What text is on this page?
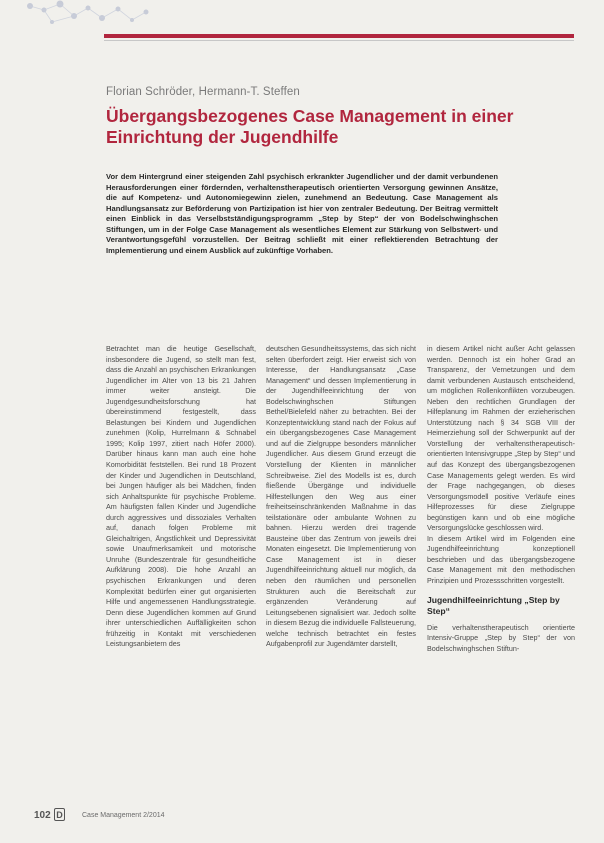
Florian Schröder, Hermann-T. Steffen
Übergangsbezogenes Case Management in einer Einrichtung der Jugendhilfe

Vor dem Hintergrund einer steigenden Zahl psychisch erkrankter Jugendlicher und der damit verbundenen Herausforderungen einer fördernden, verhaltenstherapeutisch orientierten Versorgung gewinnen Ansätze, die auf Kompetenz- und Autonomiegewinn zielen, zunehmend an Bedeutung. Case Management als Handlungsansatz zur Beförderung von Partizipation ist hier von zentraler Bedeutung. Der Beitrag vermittelt einen Einblick in das Verselbstständigungsprogramm „Step by Step“ der von Bodelschwinghschen Stiftungen, um in der Folge Case Management als wesentliches Element zur Stärkung von Selbstwert- und Verantwortungsgefühl vorzustellen. Der Beitrag schließt mit einer reflektierenden Betrachtung der Implementierung und einem Ausblick auf zukünftige Vorhaben.

Betrachtet man die heutige Gesellschaft, insbesondere die Jugend, so stellt man fest, dass die Anzahl an psychischen Erkrankungen Jugendlicher im Alter von 13 bis 21 Jahren immer weiter ansteigt. Die Jugendgesundheitsforschung hat übereinstimmend festgestellt, dass Belastungen bei Kindern und Jugendlichen zunehmen (Kolip, Hurrelmann & Schnabel 1995; Kolip 1997, zitiert nach Höfer 2000). Darüber hinaus kann man auch eine hohe Komorbidität feststellen. Bei rund 18 Prozent der Kinder und Jugendlichen in Deutschland, bei Jungen häufiger als bei Mädchen, finden sich Anhaltspunkte für psychische Probleme. Am häufigsten fallen Kinder und Jugendliche durch aggressives und dissoziales Verhalten auf, danach folgen Probleme mit Gleichaltrigen, Ängstlichkeit und Depressivität sowie Unaufmerksamkeit und motorische Unruhe (Bundeszentrale für gesundheitliche Aufklärung 2008). Die hohe Anzahl an psychischen Erkrankungen und deren Komplexität bedürfen einer gut organisierten Hilfe und angemessenen Handlungsstrategie. Denn diese Jugendlichen kommen auf Grund ihrer unterschiedlichen Auffälligkeiten schon frühzeitig in Kontakt mit verschiedenen Leistungsanbietern des

deutschen Gesundheitssystems, das sich nicht selten überfordert zeigt. Hier erweist sich von Interesse, der Handlungsansatz „Case Management“ und dessen Implementierung in der Jugendhilfeeinrichtung der von Bodelschwinghschen Stiftungen Bethel/Bielefeld näher zu betrachten. Bei der Konzeptentwicklung stand nach der Fokus auf ein übergangsbezogenes Case Management und auf die Zielgruppe besonders männlicher Jugendlicher. Aus diesem Grund erzeugt die Vorstellung der Klienten in männlicher Schreibweise. Ziel des Modells ist es, durch fließende Übergänge und individuelle Hilfestellungen den Weg aus einer freiheitseinschränkenden Maßnahme in das teilstationäre oder ambulante Wohnen zu bahnen. Hierzu werden drei tragende Bausteine über das Zentrum von jeweils drei Monaten eingesetzt. Die Implementierung von Case Management ist in dieser Jugendhilfeeinrichtung aktuell nur möglich, da neben den räumlichen und personellen Strukturen auch die Bereitschaft zur ergänzenden Veränderung auf Leitungsebenen signalisiert war. Jedoch sollte in diesem Bezug die individuelle Fallsteuerung, welche technisch betrachtet ein festes Aufgabenprofil zur Jugendämter darstellt,

in diesem Artikel nicht außer Acht gelassen werden. Dennoch ist ein hoher Grad an Transparenz, der Vernetzungen und dem damit verbundenen Austausch entscheidend, um möglichen Rollenkonflikten vorzubeugen. Neben den rechtlichen Grundlagen der Hilfeplanung im Rahmen der erzieherischen Unterstützung nach § 34 SGB VIII der Heimerziehung soll der Schwerpunkt auf der Vorstellung der verhaltenstherapeutisch-orientierten Intensivgruppe „Step by Step“ und auf das Konzept des übergangsbezogenen Case Managements gelegt werden. Es wird der Frage nachgegangen, ob dieses Versorgungsmodell positive Verläufe eines Hilfeprozesses für diese Zielgruppe begünstigen kann und ob eine mögliche Versorgungslücke geschlossen wird.

In diesem Artikel wird im Folgenden eine Jugendhilfeeinrichtung konzeptionell beschrieben und das übergangsbezogene Case Management mit den methodischen Prinzipien und Prozessschritten vorgestellt.

Jugendhilfeeinrichtung „Step by Step“

Die verhaltenstherapeutisch orientierte Intensiv-Gruppe „Step by Step“ der von Bodelschwinghschen Stiftun-

102 D	Case Management 2/2014
